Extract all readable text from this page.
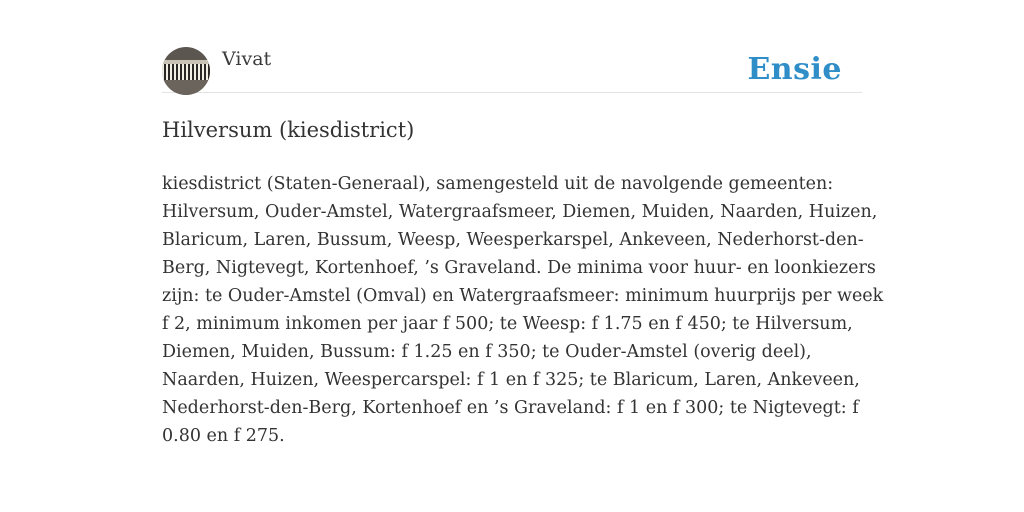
Vivat	Ensie
Hilversum (kiesdistrict)
kiesdistrict (Staten-Generaal), samengesteld uit de navolgende gemeenten:
Hilversum, Ouder-Amstel, Watergraafsmeer, Diemen, Muiden, Naarden, Huizen,
Blaricum, Laren, Bussum, Weesp, Weesperkarspel, Ankeveen, Nederhorst-den-
Berg, Nigtevegt, Kortenhoef, ’s Graveland. De minima voor huur- en loonkiezers
zijn: te Ouder-Amstel (Omval) en Watergraafsmeer: minimum huurprijs per week
f 2, minimum inkomen per jaar f 500; te Weesp: f 1.75 en f 450; te Hilversum,
Diemen, Muiden, Bussum: f 1.25 en f 350; te Ouder-Amstel (overig deel),
Naarden, Huizen, Weespercarspel: f 1 en f 325; te Blaricum, Laren, Ankeveen,
Nederhorst-den-Berg, Kortenhoef en ’s Graveland: f 1 en f 300; te Nigtevegt: f
0.80 en f 275.
